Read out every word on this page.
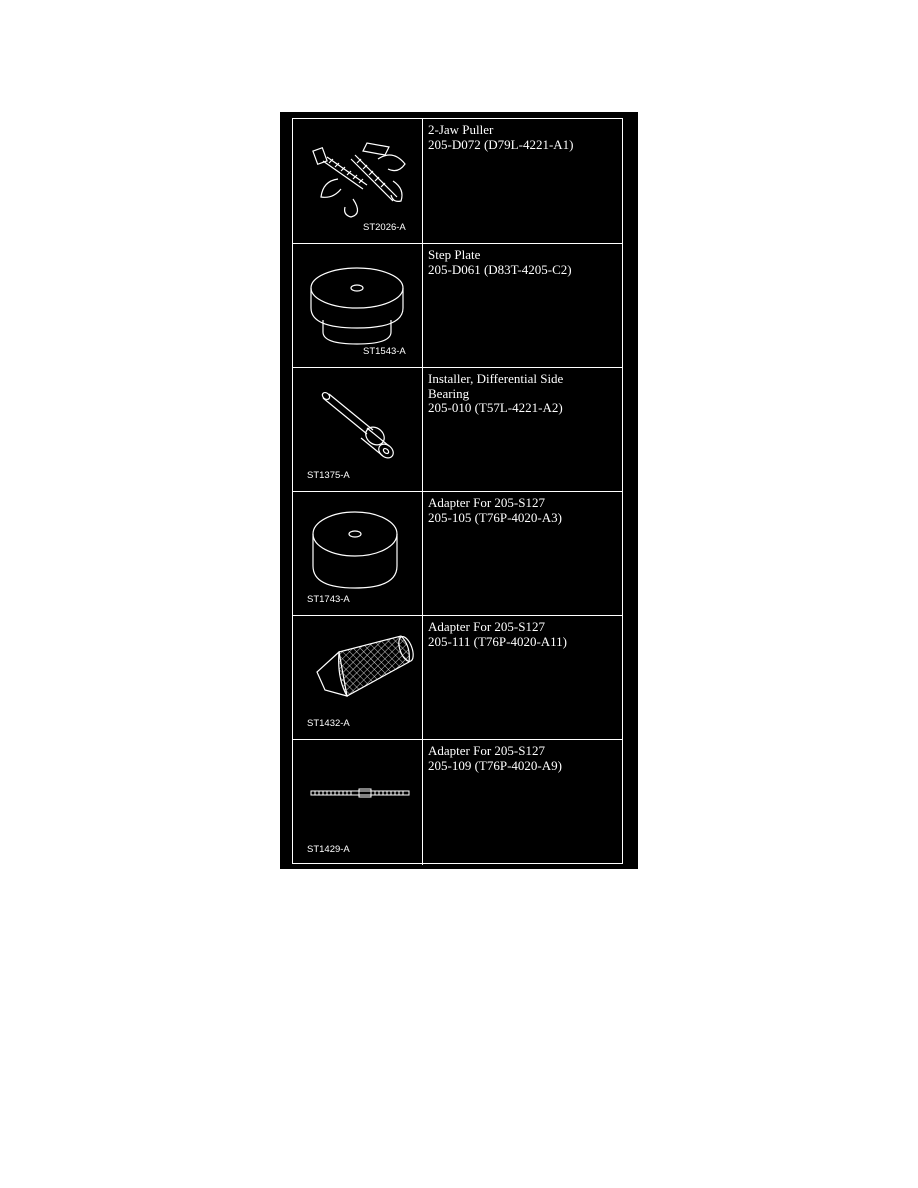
ST2026-A
2-Jaw Puller
205-D072 (D79L-4221-A1)
ST1543-A
Step Plate
205-D061 (D83T-4205-C2)
ST1375-A
Installer, Differential Side
Bearing
205-010 (T57L-4221-A2)
ST1743-A
Adapter For 205-S127
205-105 (T76P-4020-A3)
ST1432-A
Adapter For 205-S127
205-111 (T76P-4020-A11)
ST1429-A
Adapter For 205-S127
205-109 (T76P-4020-A9)
